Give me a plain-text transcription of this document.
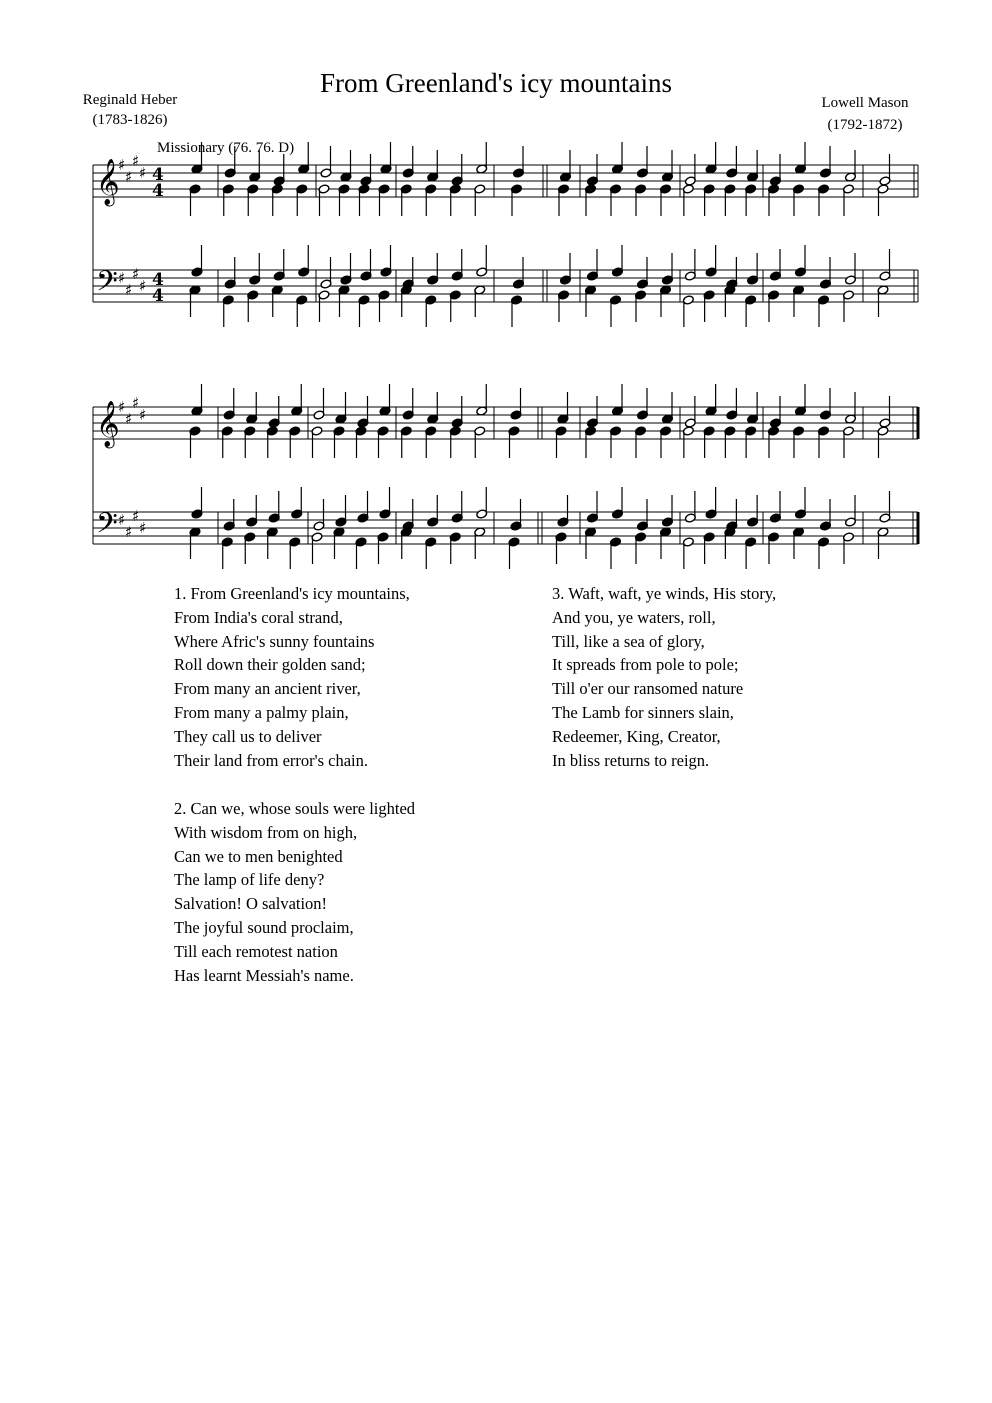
From Greenland's icy mountains
Reginald Heber
(1783-1826)
Lowell Mason
(1792-1872)
Missionary (76. 76. D)
𝄞
𝄢
♯
♯
♯
♯
♯
♯
♯
♯
4
4
4
4
𝄞
𝄢
♯
♯
♯
♯
♯
♯
♯
♯
1. From Greenland's icy mountains,
From India's coral strand,
Where Afric's sunny fountains
Roll down their golden sand;
From many an ancient river,
From many a palmy plain,
They call us to deliver
Their land from error's chain.
2. Can we, whose souls were lighted
With wisdom from on high,
Can we to men benighted
The lamp of life deny?
Salvation! O salvation!
The joyful sound proclaim,
Till each remotest nation
Has learnt Messiah's name.
3. Waft, waft, ye winds, His story,
And you, ye waters, roll,
Till, like a sea of glory,
It spreads from pole to pole;
Till o'er our ransomed nature
The Lamb for sinners slain,
Redeemer, King, Creator,
In bliss returns to reign.
